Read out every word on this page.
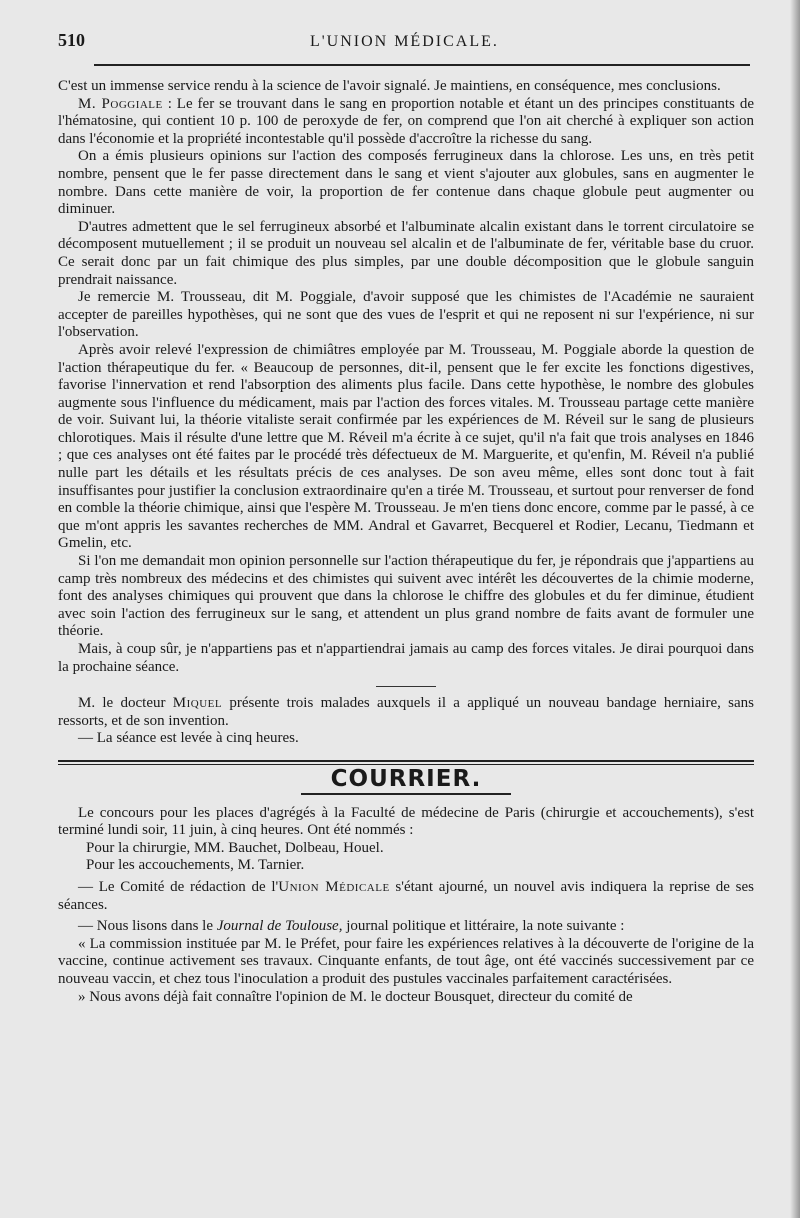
510	L'UNION MÉDICALE.

C'est un immense service rendu à la science de l'avoir signalé. Je maintiens, en conséquence, mes conclusions.

M. Poggiale : Le fer se trouvant dans le sang en proportion notable et étant un des principes constituants de l'hématosine, qui contient 10 p. 100 de peroxyde de fer, on comprend que l'on ait cherché à expliquer son action dans l'économie et la propriété incontestable qu'il possède d'accroître la richesse du sang.

On a émis plusieurs opinions sur l'action des composés ferrugineux dans la chlorose. Les uns, en très petit nombre, pensent que le fer passe directement dans le sang et vient s'ajouter aux globules, sans en augmenter le nombre. Dans cette manière de voir, la proportion de fer contenue dans chaque globule peut augmenter ou diminuer.

D'autres admettent que le sel ferrugineux absorbé et l'albuminate alcalin existant dans le torrent circulatoire se décomposent mutuellement ; il se produit un nouveau sel alcalin et de l'albuminate de fer, véritable base du cruor. Ce serait donc par un fait chimique des plus simples, par une double décomposition que le globule sanguin prendrait naissance.

Je remercie M. Trousseau, dit M. Poggiale, d'avoir supposé que les chimistes de l'Académie ne sauraient accepter de pareilles hypothèses, qui ne sont que des vues de l'esprit et qui ne reposent ni sur l'expérience, ni sur l'observation.

Après avoir relevé l'expression de chimiâtres employée par M. Trousseau, M. Poggiale aborde la question de l'action thérapeutique du fer. « Beaucoup de personnes, dit-il, pensent que le fer excite les fonctions digestives, favorise l'innervation et rend l'absorption des aliments plus facile. Dans cette hypothèse, le nombre des globules augmente sous l'influence du médicament, mais par l'action des forces vitales. M. Trousseau partage cette manière de voir. Suivant lui, la théorie vitaliste serait confirmée par les expériences de M. Réveil sur le sang de plusieurs chlorotiques. Mais il résulte d'une lettre que M. Réveil m'a écrite à ce sujet, qu'il n'a fait que trois analyses en 1846 ; que ces analyses ont été faites par le procédé très défectueux de M. Marguerite, et qu'enfin, M. Réveil n'a publié nulle part les détails et les résultats précis de ces analyses. De son aveu même, elles sont donc tout à fait insuffisantes pour justifier la conclusion extraordinaire qu'en a tirée M. Trousseau, et surtout pour renverser de fond en comble la théorie chimique, ainsi que l'espère M. Trousseau. Je m'en tiens donc encore, comme par le passé, à ce que m'ont appris les savantes recherches de MM. Andral et Gavarret, Becquerel et Rodier, Lecanu, Tiedmann et Gmelin, etc.

Si l'on me demandait mon opinion personnelle sur l'action thérapeutique du fer, je répondrais que j'appartiens au camp très nombreux des médecins et des chimistes qui suivent avec intérêt les découvertes de la chimie moderne, font des analyses chimiques qui prouvent que dans la chlorose le chiffre des globules et du fer diminue, étudient avec soin l'action des ferrugineux sur le sang, et attendent un plus grand nombre de faits avant de formuler une théorie.

Mais, à coup sûr, je n'appartiens pas et n'appartiendrai jamais au camp des forces vitales. Je dirai pourquoi dans la prochaine séance.

M. le docteur Miquel présente trois malades auxquels il a appliqué un nouveau bandage herniaire, sans ressorts, et de son invention.

— La séance est levée à cinq heures.

COURRIER.

Le concours pour les places d'agrégés à la Faculté de médecine de Paris (chirurgie et accouchements), s'est terminé lundi soir, 11 juin, à cinq heures. Ont été nommés :

Pour la chirurgie, MM. Bauchet, Dolbeau, Houel.

Pour les accouchements, M. Tarnier.

— Le Comité de rédaction de l'Union Médicale s'étant ajourné, un nouvel avis indiquera la reprise de ses séances.

— Nous lisons dans le Journal de Toulouse, journal politique et littéraire, la note suivante :

« La commission instituée par M. le Préfet, pour faire les expériences relatives à la découverte de l'origine de la vaccine, continue activement ses travaux. Cinquante enfants, de tout âge, ont été vaccinés successivement par ce nouveau vaccin, et chez tous l'inoculation a produit des pustules vaccinales parfaitement caractérisées.

» Nous avons déjà fait connaître l'opinion de M. le docteur Bousquet, directeur du comité de
